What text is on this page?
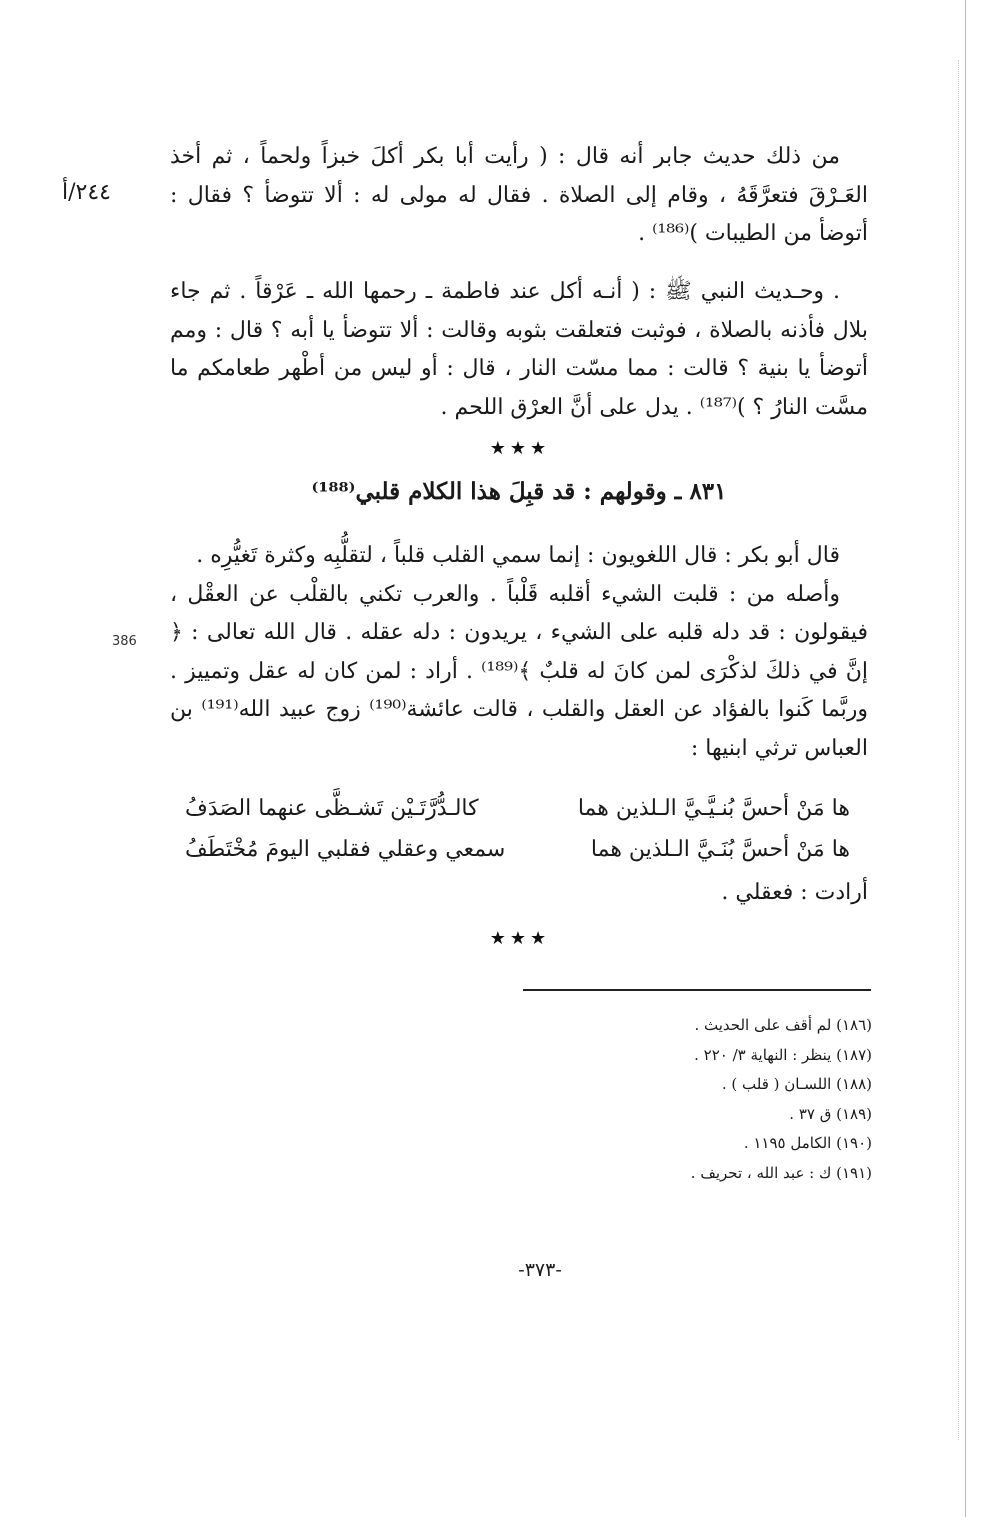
٢٤٤/أ
386

من ذلك حديث جابر أنه قال : ( رأيت أبا بكر أكلَ خبزاً ولحماً ، ثم أخذ العَـرْقَ فتعرَّقَهُ ، وقام إلى الصلاة . فقال له مولى له : ألا تتوضأ ؟ فقال : أتوضأ من الطيبات )⁽¹⁸⁶⁾ .

. وحـديث النبي ﷺ : ( أنـه أكل عند فاطمة ـ رحمها الله ـ عَرْقاً . ثم جاء بلال فأذنه بالصلاة ، فوثبت فتعلقت بثوبه وقالت : ألا تتوضأ يا أبه ؟ قال : ومم أتوضأ يا بنية ؟ قالت : مما مسّت النار ، قال : أو ليس من أطْهر طعامكم ما مسَّت النارُ ؟ )⁽¹⁸⁷⁾ . يدل على أنَّ العرْق اللحم .

★★★
٨٣١ ـ وقولهم : قد قبِلَ هذا الكلام قلبي⁽¹⁸⁸⁾

قال أبو بكر : قال اللغويون : إنما سمي القلب قلباً ، لتقلُّبِه وكثرة تَغيُّرِه .

وأصله من : قلبت الشيء أقلبه قَلْباً . والعرب تكني بالقلْب عن العقْل ، فيقولون : قد دله قلبه على الشيء ، يريدون : دله عقله . قال الله تعالى : ﴿ إنَّ في ذلكَ لذكْرَى لمن كانَ له قلبٌ ﴾⁽¹⁸⁹⁾ . أراد : لمن كان له عقل وتمييز . وربَّما كَنوا بالفؤاد عن العقل والقلب ، قالت عائشة⁽¹⁹⁰⁾ زوج عبيد الله⁽¹⁹¹⁾ بن العباس ترثي ابنيها :

ها مَنْ أحسَّ بُنـيَّـيَّ الـلذين هما
كالـدُّرَّتَـيْن تَشـظَّى عنهما الصَدَفُ
ها مَنْ أحسَّ بُنَـيَّ الـلذين هما
سمعي وعقلي فقلبي اليومَ مُخْتَطَفُ
أرادت : فعقلي .
★★★
(١٨٦) لم أقف على الحديث .
(١٨٧) ينظر : النهاية ٣/ ٢٢٠ .
(١٨٨) اللسـان ( قلب ) .
(١٨٩) ق ٣٧ .
(١٩٠) الكامل ١١٩٥ .
(١٩١) ك : عبد الله ، تحريف .
-٣٧٣-
